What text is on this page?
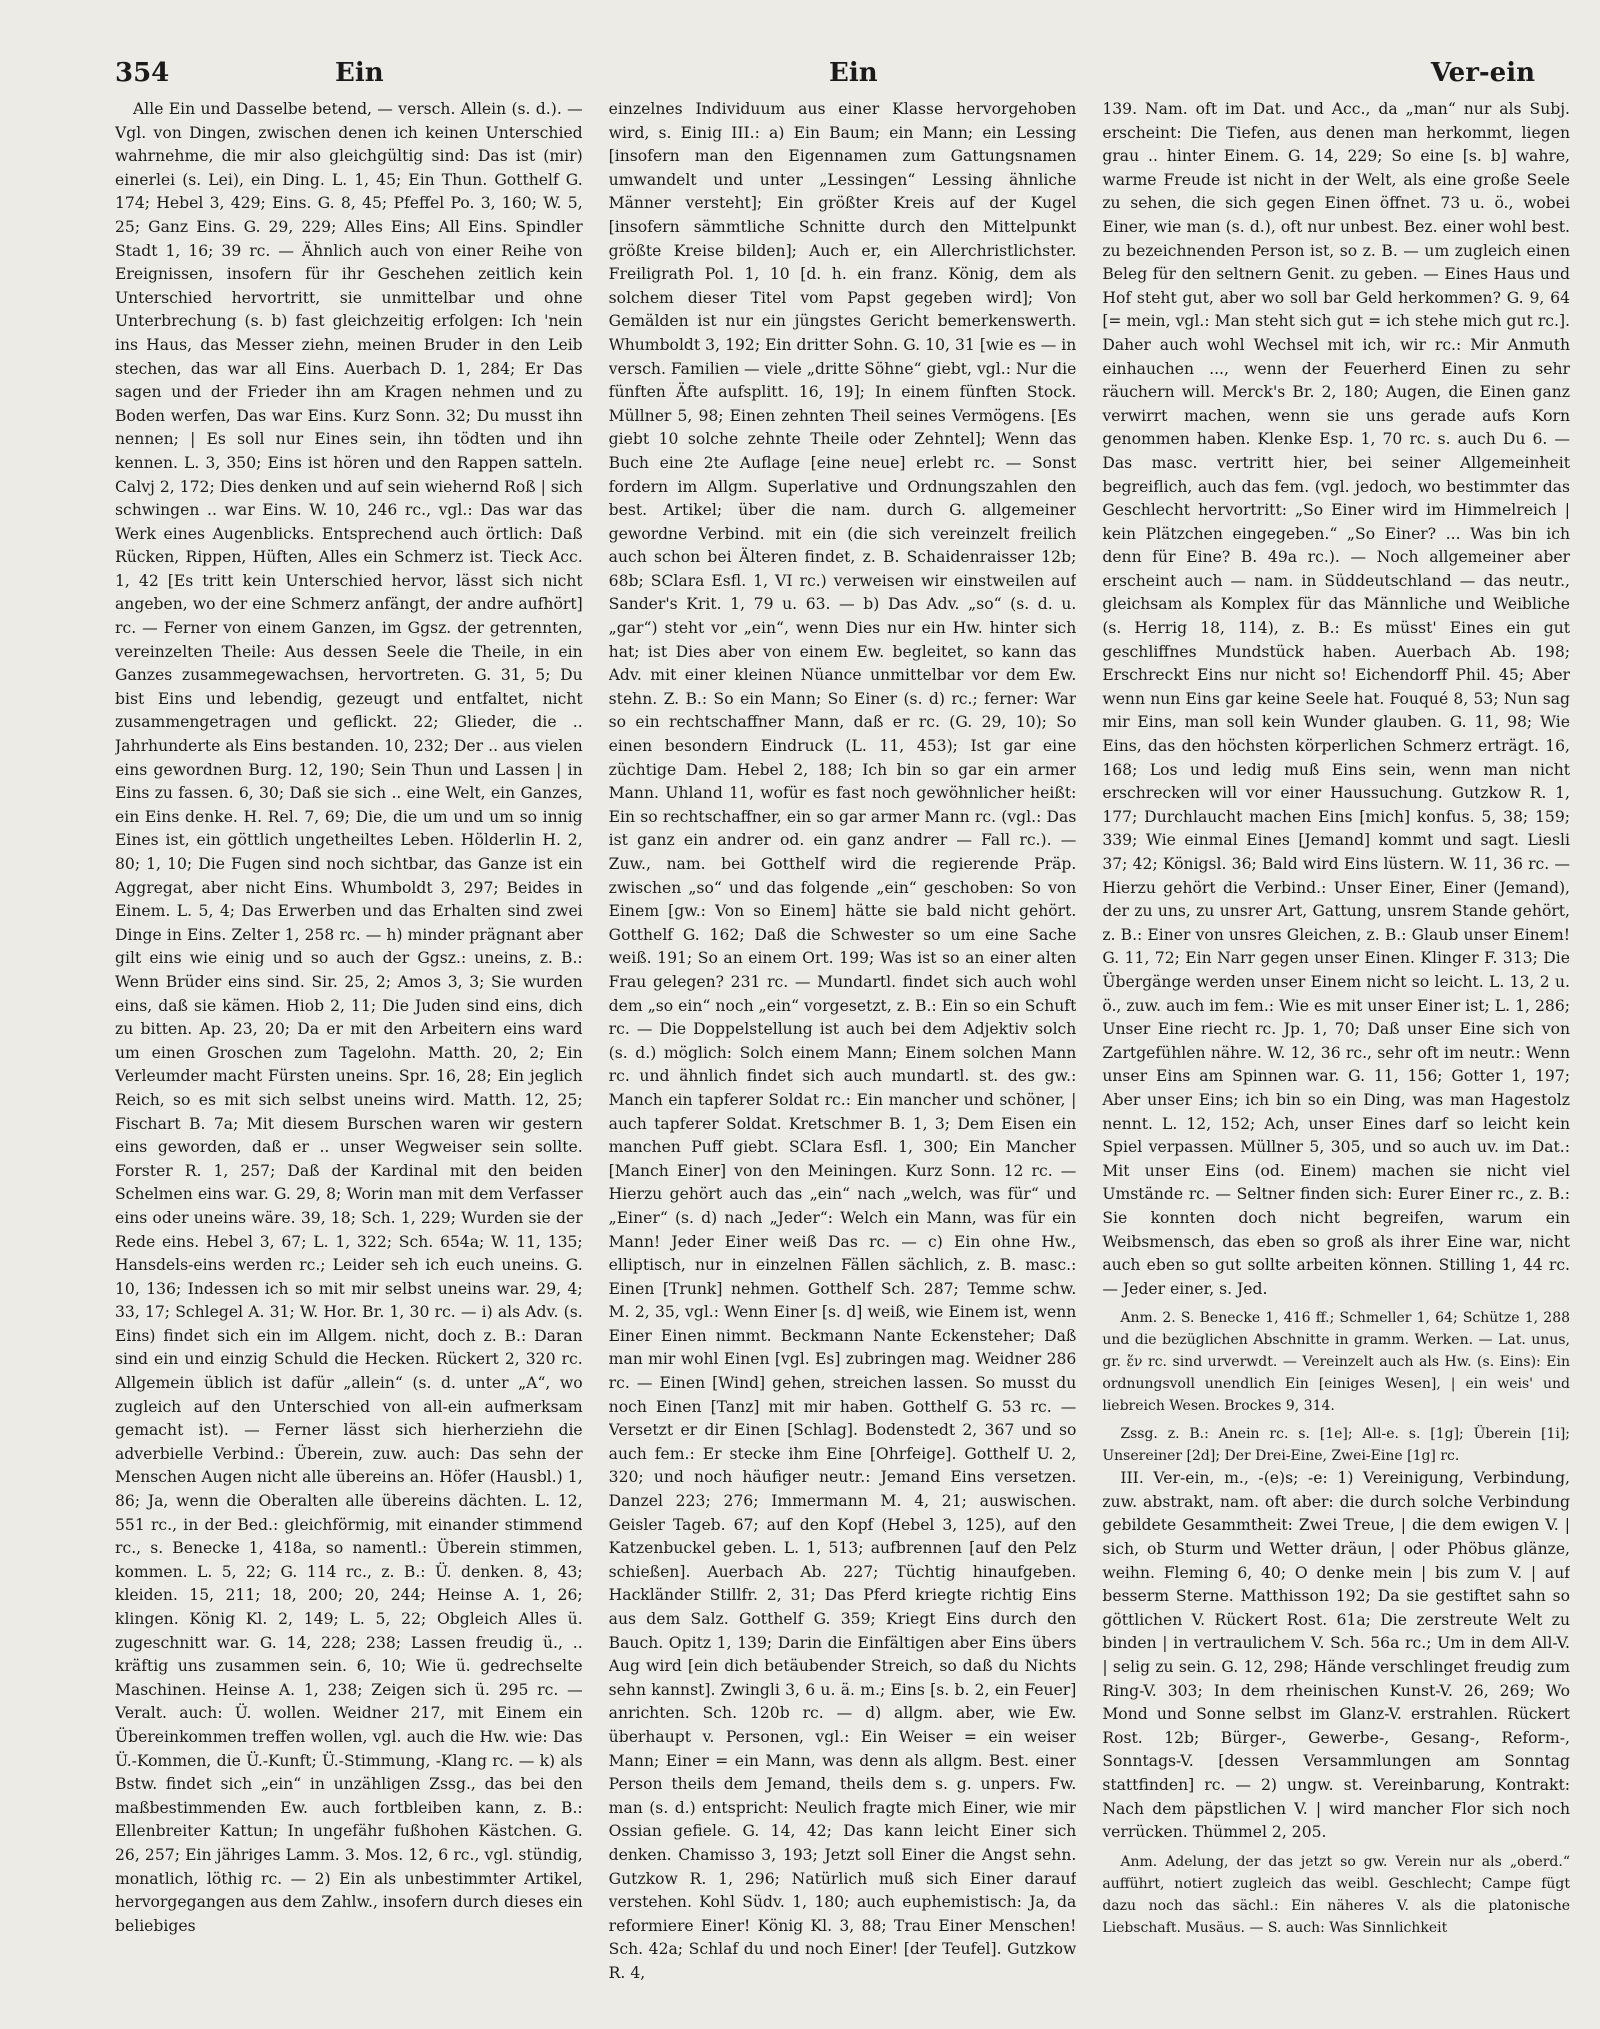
354	Ein	Ein	Ver-ein

Alle Ein und Dasselbe betend, — versch. Allein (s. d.). — Vgl. von Dingen, zwischen denen ich keinen Unterschied wahrnehme, die mir also gleichgültig sind: Das ist (mir) einerlei (s. Lei), ein Ding. L. 1, 45; Ein Thun. Gotthelf G. 174; Hebel 3, 429; Eins. G. 8, 45; Pfeffel Po. 3, 160; W. 5, 25; Ganz Eins. G. 29, 229; Alles Eins; All Eins. Spindler Stadt 1, 16; 39 rc. — Ähnlich auch von einer Reihe von Ereignissen, insofern für ihr Geschehen zeitlich kein Unterschied hervortritt, sie unmittelbar und ohne Unterbrechung (s. b) fast gleichzeitig erfolgen: Ich 'nein ins Haus, das Messer ziehn, meinen Bruder in den Leib stechen, das war all Eins. Auerbach D. 1, 284; Er Das sagen und der Frieder ihn am Kragen nehmen und zu Boden werfen, Das war Eins. Kurz Sonn. 32; Du musst ihn nennen; | Es soll nur Eines sein, ihn tödten und ihn kennen. L. 3, 350; Eins ist hören und den Rappen satteln. Calvj 2, 172; Dies denken und auf sein wiehernd Roß | sich schwingen .. war Eins. W. 10, 246 rc., vgl.: Das war das Werk eines Augenblicks. Entsprechend auch örtlich: Daß Rücken, Rippen, Hüften, Alles ein Schmerz ist. Tieck Acc. 1, 42 [Es tritt kein Unterschied hervor, lässt sich nicht angeben, wo der eine Schmerz anfängt, der andre aufhört] rc. — Ferner von einem Ganzen, im Ggsz. der getrennten, vereinzelten Theile: Aus dessen Seele die Theile, in ein Ganzes zusammegewachsen, hervortreten. G. 31, 5; Du bist Eins und lebendig, gezeugt und entfaltet, nicht zusammengetragen und geflickt. 22; Glieder, die .. Jahrhunderte als Eins bestanden. 10, 232; Der .. aus vielen eins gewordnen Burg. 12, 190; Sein Thun und Lassen | in Eins zu fassen. 6, 30; Daß sie sich .. eine Welt, ein Ganzes, ein Eins denke. H. Rel. 7, 69; Die, die um und um so innig Eines ist, ein göttlich ungetheiltes Leben. Hölderlin H. 2, 80; 1, 10; Die Fugen sind noch sichtbar, das Ganze ist ein Aggregat, aber nicht Eins. Whumboldt 3, 297; Beides in Einem. L. 5, 4; Das Erwerben und das Erhalten sind zwei Dinge in Eins. Zelter 1, 258 rc. — h) minder prägnant aber gilt eins wie einig und so auch der Ggsz.: uneins, z. B.: Wenn Brüder eins sind. Sir. 25, 2; Amos 3, 3; Sie wurden eins, daß sie kämen. Hiob 2, 11; Die Juden sind eins, dich zu bitten. Ap. 23, 20; Da er mit den Arbeitern eins ward um einen Groschen zum Tagelohn. Matth. 20, 2; Ein Verleumder macht Fürsten uneins. Spr. 16, 28; Ein jeglich Reich, so es mit sich selbst uneins wird. Matth. 12, 25; Fischart B. 7a; Mit diesem Burschen waren wir gestern eins geworden, daß er .. unser Wegweiser sein sollte. Forster R. 1, 257; Daß der Kardinal mit den beiden Schelmen eins war. G. 29, 8; Worin man mit dem Verfasser eins oder uneins wäre. 39, 18; Sch. 1, 229; Wurden sie der Rede eins. Hebel 3, 67; L. 1, 322; Sch. 654a; W. 11, 135; Hansdels-eins werden rc.; Leider seh ich euch uneins. G. 10, 136; Indessen ich so mit mir selbst uneins war. 29, 4; 33, 17; Schlegel A. 31; W. Hor. Br. 1, 30 rc. — i) als Adv. (s. Eins) findet sich ein im Allgem. nicht, doch z. B.: Daran sind ein und einzig Schuld die Hecken. Rückert 2, 320 rc. Allgemein üblich ist dafür „allein“ (s. d. unter „A“, wo zugleich auf den Unterschied von all-ein aufmerksam gemacht ist). — Ferner lässt sich hierherziehn die adverbielle Verbind.: Überein, zuw. auch: Das sehn der Menschen Augen nicht alle übereins an. Höfer (Hausbl.) 1, 86; Ja, wenn die Oberalten alle übereins dächten. L. 12, 551 rc., in der Bed.: gleichförmig, mit einander stimmend rc., s. Benecke 1, 418a, so namentl.: Überein stimmen, kommen. L. 5, 22; G. 114 rc., z. B.: Ü. denken. 8, 43; kleiden. 15, 211; 18, 200; 20, 244; Heinse A. 1, 26; klingen. König Kl. 2, 149; L. 5, 22; Obgleich Alles ü. zugeschnitt war. G. 14, 228; 238; Lassen freudig ü., .. kräftig uns zusammen sein. 6, 10; Wie ü. gedrechselte Maschinen. Heinse A. 1, 238; Zeigen sich ü. 295 rc. — Veralt. auch: Ü. wollen. Weidner 217, mit Einem ein Übereinkommen treffen wollen, vgl. auch die Hw. wie: Das Ü.-Kommen, die Ü.-Kunft; Ü.-Stimmung, -Klang rc. — k) als Bstw. findet sich „ein“ in unzähligen Zssg., das bei den maßbestimmenden Ew. auch fortbleiben kann, z. B.: Ellenbreiter Kattun; In ungefähr fußhohen Kästchen. G. 26, 257; Ein jähriges Lamm. 3. Mos. 12, 6 rc., vgl. stündig, monatlich, löthig rc. — 2) Ein als unbestimmter Artikel, hervorgegangen aus dem Zahlw., insofern durch dieses ein beliebiges

einzelnes Individuum aus einer Klasse hervorgehoben wird, s. Einig III.: a) Ein Baum; ein Mann; ein Lessing [insofern man den Eigennamen zum Gattungsnamen umwandelt und unter „Lessingen“ Lessing ähnliche Männer versteht]; Ein größter Kreis auf der Kugel [insofern sämmtliche Schnitte durch den Mittelpunkt größte Kreise bilden]; Auch er, ein Allerchristlichster. Freiligrath Pol. 1, 10 [d. h. ein franz. König, dem als solchem dieser Titel vom Papst gegeben wird]; Von Gemälden ist nur ein jüngstes Gericht bemerkenswerth. Whumboldt 3, 192; Ein dritter Sohn. G. 10, 31 [wie es — in versch. Familien — viele „dritte Söhne“ giebt, vgl.: Nur die fünften Äfte aufsplitt. 16, 19]; In einem fünften Stock. Müllner 5, 98; Einen zehnten Theil seines Vermögens. [Es giebt 10 solche zehnte Theile oder Zehntel]; Wenn das Buch eine 2te Auflage [eine neue] erlebt rc. — Sonst fordern im Allgm. Superlative und Ordnungszahlen den best. Artikel; über die nam. durch G. allgemeiner gewordne Verbind. mit ein (die sich vereinzelt freilich auch schon bei Älteren findet, z. B. Schaidenraisser 12b; 68b; SClara Esfl. 1, VI rc.) verweisen wir einstweilen auf Sander's Krit. 1, 79 u. 63. — b) Das Adv. „so“ (s. d. u. „gar“) steht vor „ein“, wenn Dies nur ein Hw. hinter sich hat; ist Dies aber von einem Ew. begleitet, so kann das Adv. mit einer kleinen Nüance unmittelbar vor dem Ew. stehn. Z. B.: So ein Mann; So Einer (s. d) rc.; ferner: War so ein rechtschaffner Mann, daß er rc. (G. 29, 10); So einen besondern Eindruck (L. 11, 453); Ist gar eine züchtige Dam. Hebel 2, 188; Ich bin so gar ein armer Mann. Uhland 11, wofür es fast noch gewöhnlicher heißt: Ein so rechtschaffner, ein so gar armer Mann rc. (vgl.: Das ist ganz ein andrer od. ein ganz andrer — Fall rc.). — Zuw., nam. bei Gotthelf wird die regierende Präp. zwischen „so“ und das folgende „ein“ geschoben: So von Einem [gw.: Von so Einem] hätte sie bald nicht gehört. Gotthelf G. 162; Daß die Schwester so um eine Sache weiß. 191; So an einem Ort. 199; Was ist so an einer alten Frau gelegen? 231 rc. — Mundartl. findet sich auch wohl dem „so ein“ noch „ein“ vorgesetzt, z. B.: Ein so ein Schuft rc. — Die Doppelstellung ist auch bei dem Adjektiv solch (s. d.) möglich: Solch einem Mann; Einem solchen Mann rc. und ähnlich findet sich auch mundartl. st. des gw.: Manch ein tapferer Soldat rc.: Ein mancher und schöner, | auch tapferer Soldat. Kretschmer B. 1, 3; Dem Eisen ein manchen Puff giebt. SClara Esfl. 1, 300; Ein Mancher [Manch Einer] von den Meiningen. Kurz Sonn. 12 rc. — Hierzu gehört auch das „ein“ nach „welch, was für“ und „Einer“ (s. d) nach „Jeder“: Welch ein Mann, was für ein Mann! Jeder Einer weiß Das rc. — c) Ein ohne Hw., elliptisch, nur in einzelnen Fällen sächlich, z. B. masc.: Einen [Trunk] nehmen. Gotthelf Sch. 287; Temme schw. M. 2, 35, vgl.: Wenn Einer [s. d] weiß, wie Einem ist, wenn Einer Einen nimmt. Beckmann Nante Eckensteher; Daß man mir wohl Einen [vgl. Es] zubringen mag. Weidner 286 rc. — Einen [Wind] gehen, streichen lassen. So musst du noch Einen [Tanz] mit mir haben. Gotthelf G. 53 rc. — Versetzt er dir Einen [Schlag]. Bodenstedt 2, 367 und so auch fem.: Er stecke ihm Eine [Ohrfeige]. Gotthelf U. 2, 320; und noch häufiger neutr.: Jemand Eins versetzen. Danzel 223; 276; Immermann M. 4, 21; auswischen. Geisler Tageb. 67; auf den Kopf (Hebel 3, 125), auf den Katzenbuckel geben. L. 1, 513; aufbrennen [auf den Pelz schießen]. Auerbach Ab. 227; Tüchtig hinaufgeben. Hackländer Stillfr. 2, 31; Das Pferd kriegte richtig Eins aus dem Salz. Gotthelf G. 359; Kriegt Eins durch den Bauch. Opitz 1, 139; Darin die Einfältigen aber Eins übers Aug wird [ein dich betäubender Streich, so daß du Nichts sehn kannst]. Zwingli 3, 6 u. ä. m.; Eins [s. b. 2, ein Feuer] anrichten. Sch. 120b rc. — d) allgm. aber, wie Ew. überhaupt v. Personen, vgl.: Ein Weiser = ein weiser Mann; Einer = ein Mann, was denn als allgm. Best. einer Person theils dem Jemand, theils dem s. g. unpers. Fw. man (s. d.) entspricht: Neulich fragte mich Einer, wie mir Ossian gefiele. G. 14, 42; Das kann leicht Einer sich denken. Chamisso 3, 193; Jetzt soll Einer die Angst sehn. Gutzkow R. 1, 296; Natürlich muß sich Einer darauf verstehen. Kohl Südv. 1, 180; auch euphemistisch: Ja, da reformiere Einer! König Kl. 3, 88; Trau Einer Menschen! Sch. 42a; Schlaf du und noch Einer! [der Teufel]. Gutzkow R. 4,

139. Nam. oft im Dat. und Acc., da „man“ nur als Subj. erscheint: Die Tiefen, aus denen man herkommt, liegen grau .. hinter Einem. G. 14, 229; So eine [s. b] wahre, warme Freude ist nicht in der Welt, als eine große Seele zu sehen, die sich gegen Einen öffnet. 73 u. ö., wobei Einer, wie man (s. d.), oft nur unbest. Bez. einer wohl best. zu bezeichnenden Person ist, so z. B. — um zugleich einen Beleg für den seltnern Genit. zu geben. — Eines Haus und Hof steht gut, aber wo soll bar Geld herkommen? G. 9, 64 [= mein, vgl.: Man steht sich gut = ich stehe mich gut rc.]. Daher auch wohl Wechsel mit ich, wir rc.: Mir Anmuth einhauchen ..., wenn der Feuerherd Einen zu sehr räuchern will. Merck's Br. 2, 180; Augen, die Einen ganz verwirrt machen, wenn sie uns gerade aufs Korn genommen haben. Klenke Esp. 1, 70 rc. s. auch Du 6. — Das masc. vertritt hier, bei seiner Allgemeinheit begreiflich, auch das fem. (vgl. jedoch, wo bestimmter das Geschlecht hervortritt: „So Einer wird im Himmelreich | kein Plätzchen eingegeben.“ „So Einer? ... Was bin ich denn für Eine? B. 49a rc.). — Noch allgemeiner aber erscheint auch — nam. in Süddeutschland — das neutr., gleichsam als Komplex für das Männliche und Weibliche (s. Herrig 18, 114), z. B.: Es müsst' Eines ein gut geschliffnes Mundstück haben. Auerbach Ab. 198; Erschreckt Eins nur nicht so! Eichendorff Phil. 45; Aber wenn nun Eins gar keine Seele hat. Fouqué 8, 53; Nun sag mir Eins, man soll kein Wunder glauben. G. 11, 98; Wie Eins, das den höchsten körperlichen Schmerz erträgt. 16, 168; Los und ledig muß Eins sein, wenn man nicht erschrecken will vor einer Haussuchung. Gutzkow R. 1, 177; Durchlaucht machen Eins [mich] konfus. 5, 38; 159; 339; Wie einmal Eines [Jemand] kommt und sagt. Liesli 37; 42; Königsl. 36; Bald wird Eins lüstern. W. 11, 36 rc. — Hierzu gehört die Verbind.: Unser Einer, Einer (Jemand), der zu uns, zu unsrer Art, Gattung, unsrem Stande gehört, z. B.: Einer von unsres Gleichen, z. B.: Glaub unser Einem! G. 11, 72; Ein Narr gegen unser Einen. Klinger F. 313; Die Übergänge werden unser Einem nicht so leicht. L. 13, 2 u. ö., zuw. auch im fem.: Wie es mit unser Einer ist; L. 1, 286; Unser Eine riecht rc. Jp. 1, 70; Daß unser Eine sich von Zartgefühlen nähre. W. 12, 36 rc., sehr oft im neutr.: Wenn unser Eins am Spinnen war. G. 11, 156; Gotter 1, 197; Aber unser Eins; ich bin so ein Ding, was man Hagestolz nennt. L. 12, 152; Ach, unser Eines darf so leicht kein Spiel verpassen. Müllner 5, 305, und so auch uv. im Dat.: Mit unser Eins (od. Einem) machen sie nicht viel Umstände rc. — Seltner finden sich: Eurer Einer rc., z. B.: Sie konnten doch nicht begreifen, warum ein Weibsmensch, das eben so groß als ihrer Eine war, nicht auch eben so gut sollte arbeiten können. Stilling 1, 44 rc. — Jeder einer, s. Jed.

Anm. 2. S. Benecke 1, 416 ff.; Schmeller 1, 64; Schütze 1, 288 und die bezüglichen Abschnitte in gramm. Werken. — Lat. unus, gr. ἕν rc. sind urverwdt. — Vereinzelt auch als Hw. (s. Eins): Ein ordnungsvoll unendlich Ein [einiges Wesen], | ein weis' und liebreich Wesen. Brockes 9, 314.

Zssg. z. B.: Anein rc. s. [1e]; All-e. s. [1g]; Überein [1i]; Unsereiner [2d]; Der Drei-Eine, Zwei-Eine [1g] rc.

III. Ver-ein, m., -(e)s; -e: 1) Vereinigung, Verbindung, zuw. abstrakt, nam. oft aber: die durch solche Verbindung gebildete Gesammtheit: Zwei Treue, | die dem ewigen V. | sich, ob Sturm und Wetter dräun, | oder Phöbus glänze, weihn. Fleming 6, 40; O denke mein | bis zum V. | auf besserm Sterne. Matthisson 192; Da sie gestiftet sahn so göttlichen V. Rückert Rost. 61a; Die zerstreute Welt zu binden | in vertraulichem V. Sch. 56a rc.; Um in dem All-V. | selig zu sein. G. 12, 298; Hände verschlinget freudig zum Ring-V. 303; In dem rheinischen Kunst-V. 26, 269; Wo Mond und Sonne selbst im Glanz-V. erstrahlen. Rückert Rost. 12b; Bürger-, Gewerbe-, Gesang-, Reform-, Sonntags-V. [dessen Versammlungen am Sonntag stattfinden] rc. — 2) ungw. st. Vereinbarung, Kontrakt: Nach dem päpstlichen V. | wird mancher Flor sich noch verrücken. Thümmel 2, 205.

Anm. Adelung, der das jetzt so gw. Verein nur als „oberd.“ aufführt, notiert zugleich das weibl. Geschlecht; Campe fügt dazu noch das sächl.: Ein näheres V. als die platonische Liebschaft. Musäus. — S. auch: Was Sinnlichkeit
